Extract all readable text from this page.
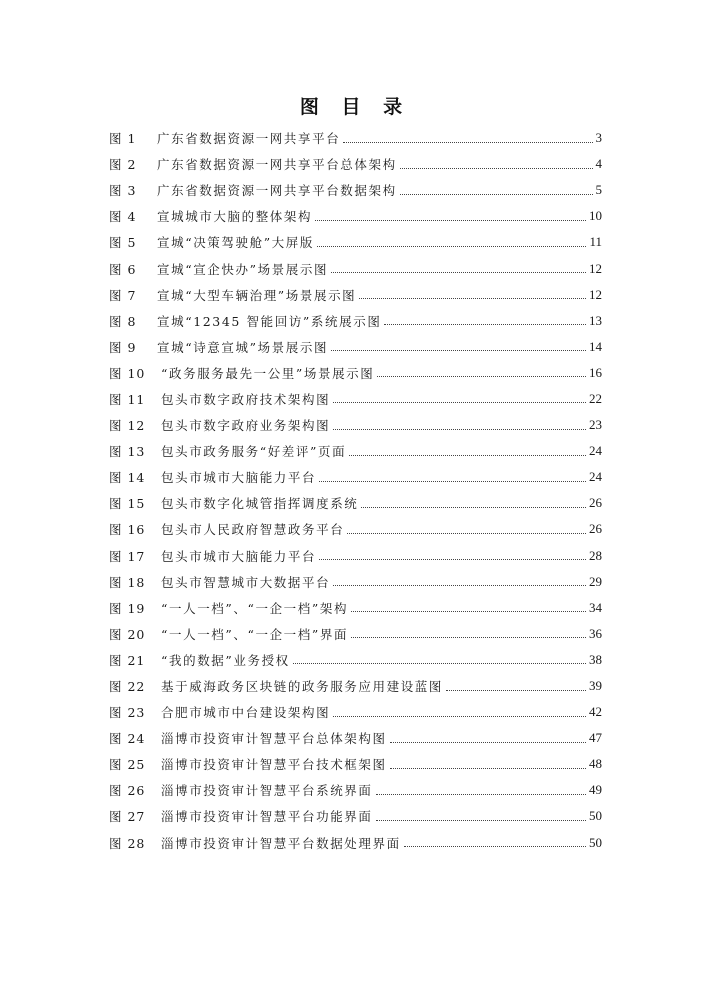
图 目 录
图 1	广东省数据资源一网共享平台	3
图 2	广东省数据资源一网共享平台总体架构	4
图 3	广东省数据资源一网共享平台数据架构	5
图 4	宣城城市大脑的整体架构	10
图 5	宣城“决策驾驶舱”大屏版	11
图 6	宣城“宣企快办”场景展示图	12
图 7	宣城“大型车辆治理”场景展示图	12
图 8	宣城“12345 智能回访”系统展示图	13
图 9	宣城“诗意宣城”场景展示图	14
图 10	“政务服务最先一公里”场景展示图	16
图 11	包头市数字政府技术架构图	22
图 12	包头市数字政府业务架构图	23
图 13	包头市政务服务“好差评”页面	24
图 14	包头市城市大脑能力平台	24
图 15	包头市数字化城管指挥调度系统	26
图 16	包头市人民政府智慧政务平台	26
图 17	包头市城市大脑能力平台	28
图 18	包头市智慧城市大数据平台	29
图 19	“一人一档”、“一企一档”架构	34
图 20	“一人一档”、“一企一档”界面	36
图 21	“我的数据”业务授权	38
图 22	基于威海政务区块链的政务服务应用建设蓝图	39
图 23	合肥市城市中台建设架构图	42
图 24	淄博市投资审计智慧平台总体架构图	47
图 25	淄博市投资审计智慧平台技术框架图	48
图 26	淄博市投资审计智慧平台系统界面	49
图 27	淄博市投资审计智慧平台功能界面	50
图 28	淄博市投资审计智慧平台数据处理界面	50
